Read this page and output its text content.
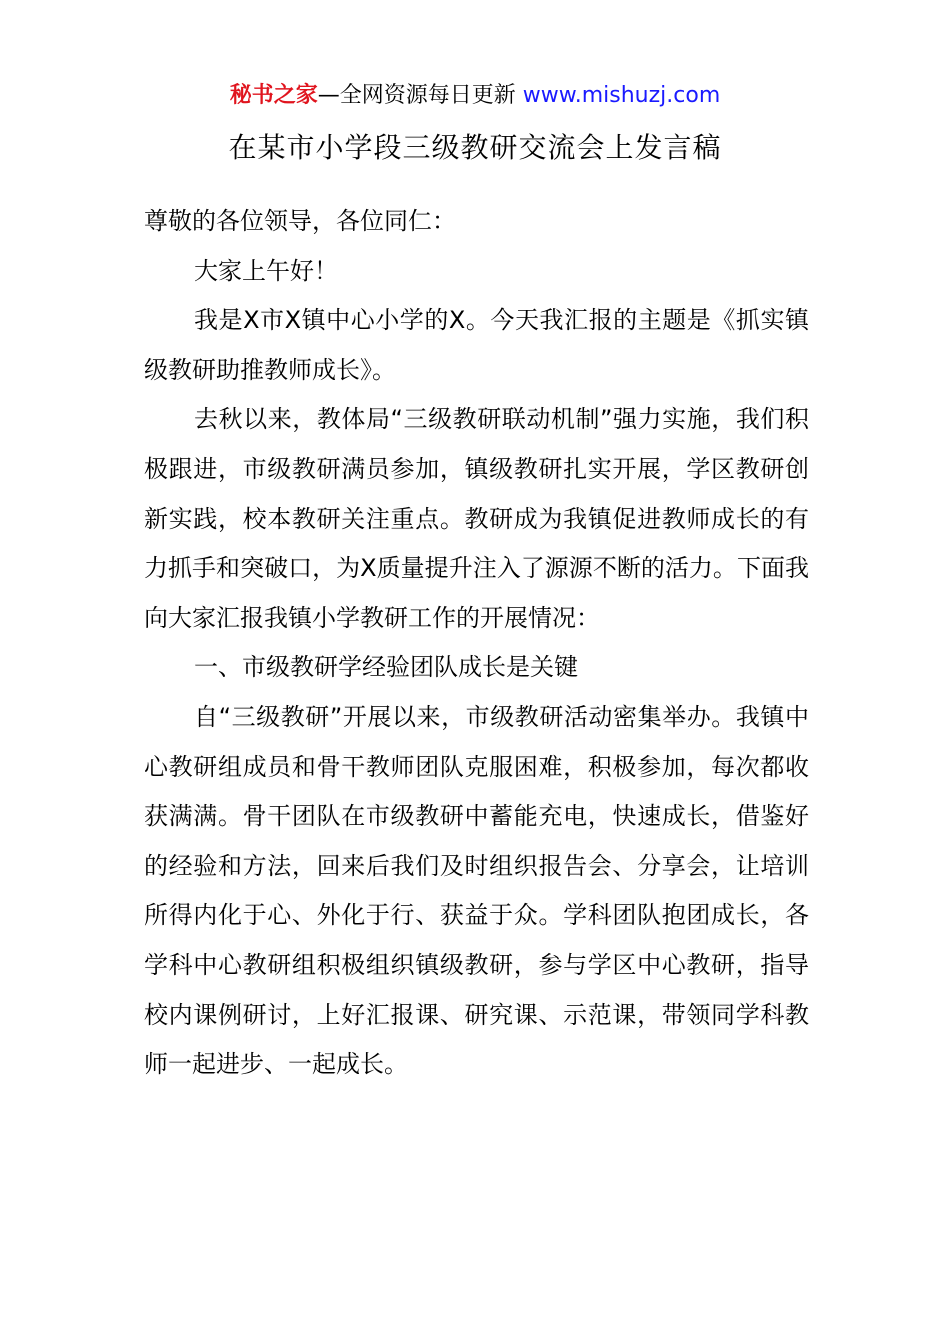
秘书之家—全网资源每日更新 www.mishuzj.com
在某市小学段三级教研交流会上发言稿

尊敬的各位领导，各位同仁：

大家上午好！

我是X市X镇中心小学的X。今天我汇报的主题是《抓实镇级教研助推教师成长》。

去秋以来，教体局“三级教研联动机制”强力实施，我们积极跟进，市级教研满员参加，镇级教研扎实开展，学区教研创新实践，校本教研关注重点。教研成为我镇促进教师成长的有力抓手和突破口，为X质量提升注入了源源不断的活力。下面我向大家汇报我镇小学教研工作的开展情况：

一、市级教研学经验团队成长是关键

自“三级教研”开展以来，市级教研活动密集举办。我镇中心教研组成员和骨干教师团队克服困难，积极参加，每次都收获满满。骨干团队在市级教研中蓄能充电，快速成长，借鉴好的经验和方法，回来后我们及时组织报告会、分享会，让培训所得内化于心、外化于行、获益于众。学科团队抱团成长，各学科中心教研组积极组织镇级教研，参与学区中心教研，指导校内课例研讨，上好汇报课、研究课、示范课，带领同学科教师一起进步、一起成长。
